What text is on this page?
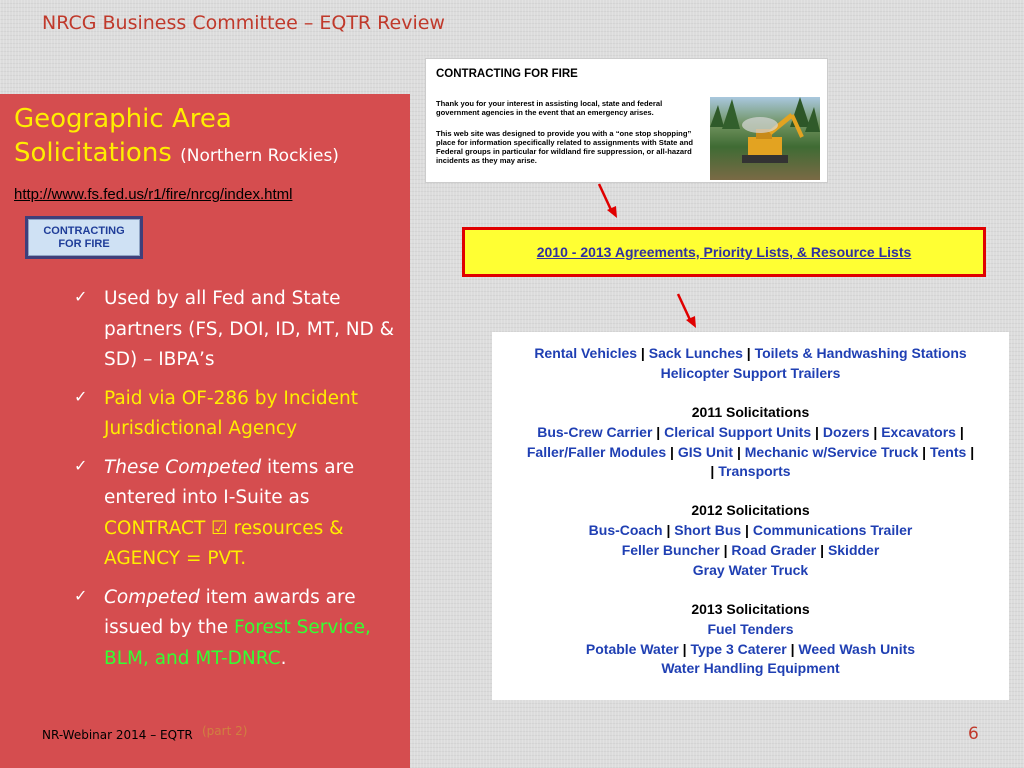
NRCG Business Committee – EQTR Review
Geographic Area
Solicitations (Northern Rockies)
http://www.fs.fed.us/r1/fire/nrcg/index.html
CONTRACTING FOR FIRE
✓ Used by all Fed and State partners (FS, DOI, ID, MT, ND & SD) – IBPA’s
✓ Paid via OF-286 by Incident Jurisdictional Agency
✓ These Competed items are entered into I-Suite as CONTRACT ☑ resources & AGENCY = PVT.
✓ Competed item awards are issued by the Forest Service, BLM, and MT-DNRC.
NR-Webinar 2014 – EQTR (part 2)	6
CONTRACTING FOR FIRE

Thank you for your interest in assisting local, state and federal government agencies in the event that an emergency arises.

This web site was designed to provide you with a “one stop shopping” place for information specifically related to assignments with State and Federal groups in particular for wildland fire suppression, or all-hazard incidents as they may arise.

2010 - 2013 Agreements, Priority Lists, & Resource Lists
Rental Vehicles | Sack Lunches | Toilets & Handwashing Stations
Helicopter Support Trailers
2011 Solicitations
Bus-Crew Carrier | Clerical Support Units | Dozers | Excavators |
Faller/Faller Modules | GIS Unit | Mechanic w/Service Truck | Tents |
| Transports
2012 Solicitations
Bus-Coach | Short Bus | Communications Trailer
Feller Buncher | Road Grader | Skidder
Gray Water Truck
2013 Solicitations
Fuel Tenders
Potable Water | Type 3 Caterer | Weed Wash Units
Water Handling Equipment
